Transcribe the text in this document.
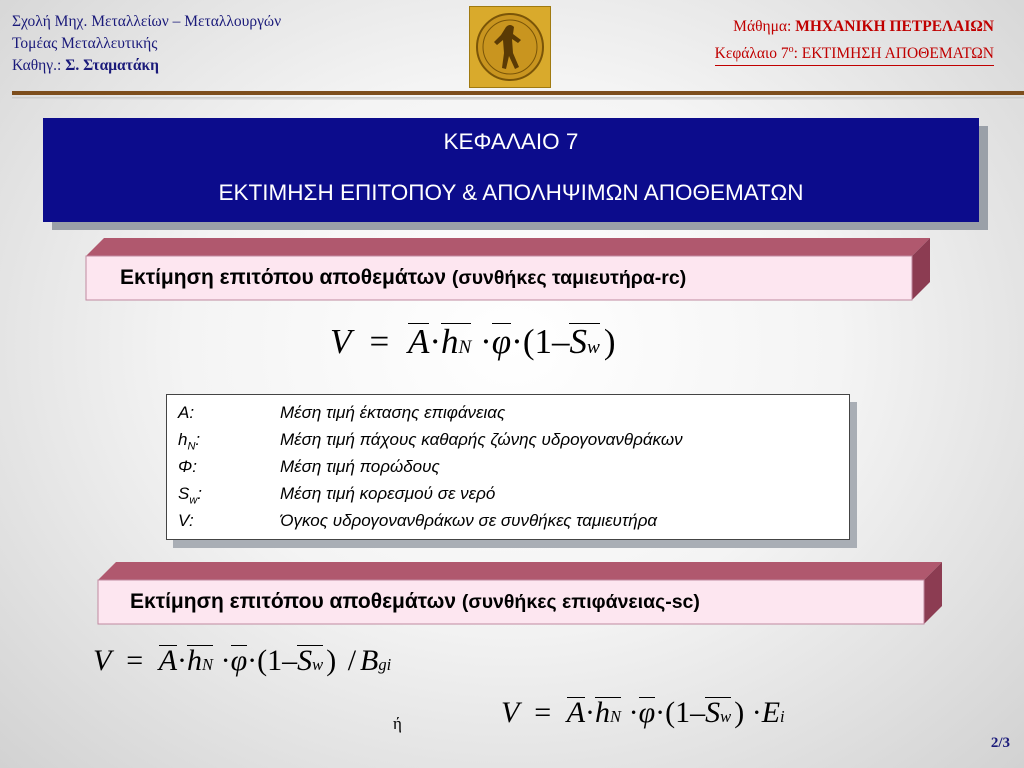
Σχολή Μηχ. Μεταλλείων – Μεταλλουργών
Τομέας Μεταλλευτικής
Καθηγ.: Σ. Σταματάκη
Μάθημα: ΜΗΧΑΝΙΚΗ ΠΕΤΡΕΛΑΙΩΝ
Κεφάλαιο $7^o$: ΕΚΤΙΜΗΣΗ ΑΠΟΘΕΜΑΤΩΝ
ΚΕΦΑΛΑΙΟ 7
ΕΚΤΙΜΗΣΗ ΕΠΙΤΟΠΟΥ & ΑΠΟΛΗΨΙΜΩΝ ΑΠΟΘΕΜΑΤΩΝ
Εκτίμηση επιτόπου αποθεμάτων (συνθήκες ταμιευτήρα-rc)
V = A·hN ·φ·(1–Sw )
A:	Μέση τιμή έκτασης επιφάνειας
$h_N$:	Μέση τιμή πάχους καθαρής ζώνης υδρογονανθράκων
Φ:	Μέση τιμή πορώδους
$S_w$:	Μέση τιμή κορεσμού σε νερό
V:	Όγκος υδρογονανθράκων σε συνθήκες ταμιευτήρα
Εκτίμηση επιτόπου αποθεμάτων (συνθήκες επιφάνειας-sc)
V = A·hN ·φ·(1–Sw ) / Bgi
ή	V = A·hN ·φ·(1–Sw ) ·Ei
2/3
